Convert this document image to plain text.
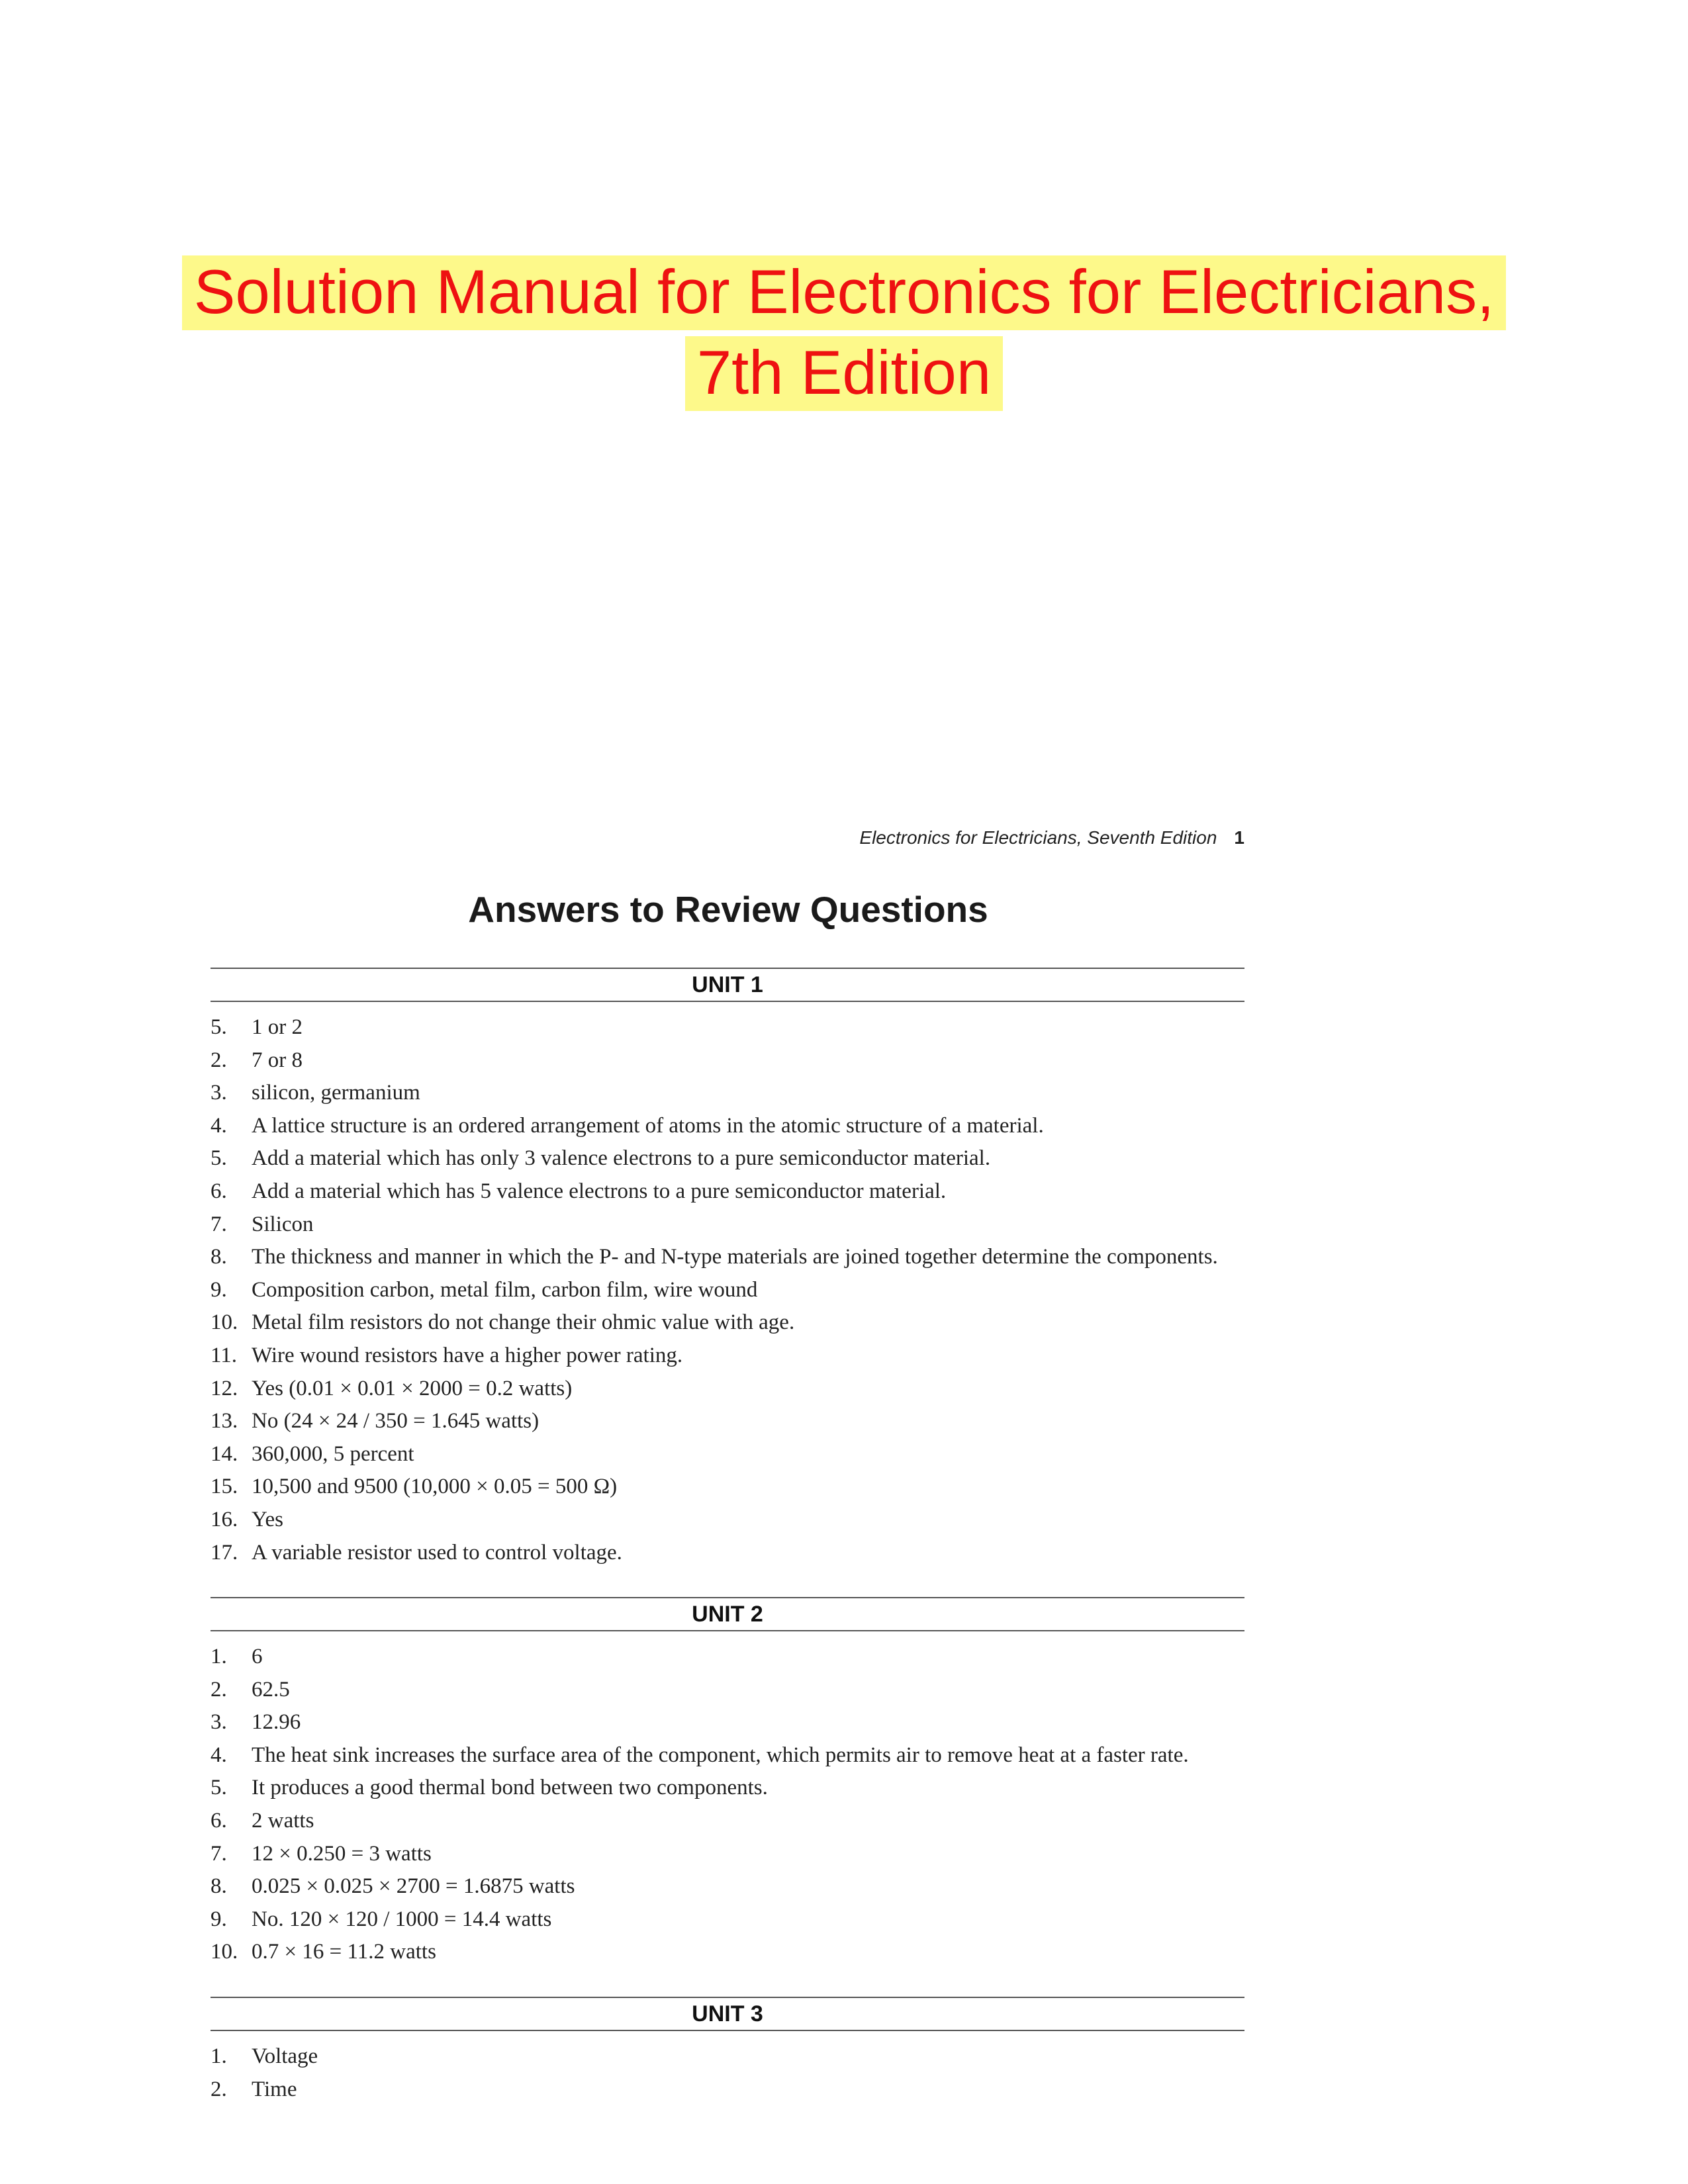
Solution Manual for Electronics for Electricians,
7th Edition
Electronics for Electricians, Seventh Edition 1
Answers to Review Questions
UNIT 1
5.	1 or 2
2.	7 or 8
3.	silicon, germanium
4.	A lattice structure is an ordered arrangement of atoms in the atomic structure of a material.
5.	Add a material which has only 3 valence electrons to a pure semiconductor material.
6.	Add a material which has 5 valence electrons to a pure semiconductor material.
7.	Silicon
8.	The thickness and manner in which the P- and N-type materials are joined together determine the components.
9.	Composition carbon, metal film, carbon film, wire wound
10. Metal film resistors do not change their ohmic value with age.
11. Wire wound resistors have a higher power rating.
12. Yes (0.01 × 0.01 × 2000 = 0.2 watts)
13. No (24 × 24 / 350 = 1.645 watts)
14. 360,000, 5 percent
15. 10,500 and 9500 (10,000 × 0.05 = 500 Ω)
16. Yes
17. A variable resistor used to control voltage.
UNIT 2
1.	6
2.	62.5
3.	12.96
4.	The heat sink increases the surface area of the component, which permits air to remove heat at a faster rate.
5.	It produces a good thermal bond between two components.
6.	2 watts
7.	12 × 0.250 = 3 watts
8.	0.025 × 0.025 × 2700 = 1.6875 watts
9.	No. 120 × 120 / 1000 = 14.4 watts
10. 0.7 × 16 = 11.2 watts
UNIT 3
1.	Voltage
2.	Time
